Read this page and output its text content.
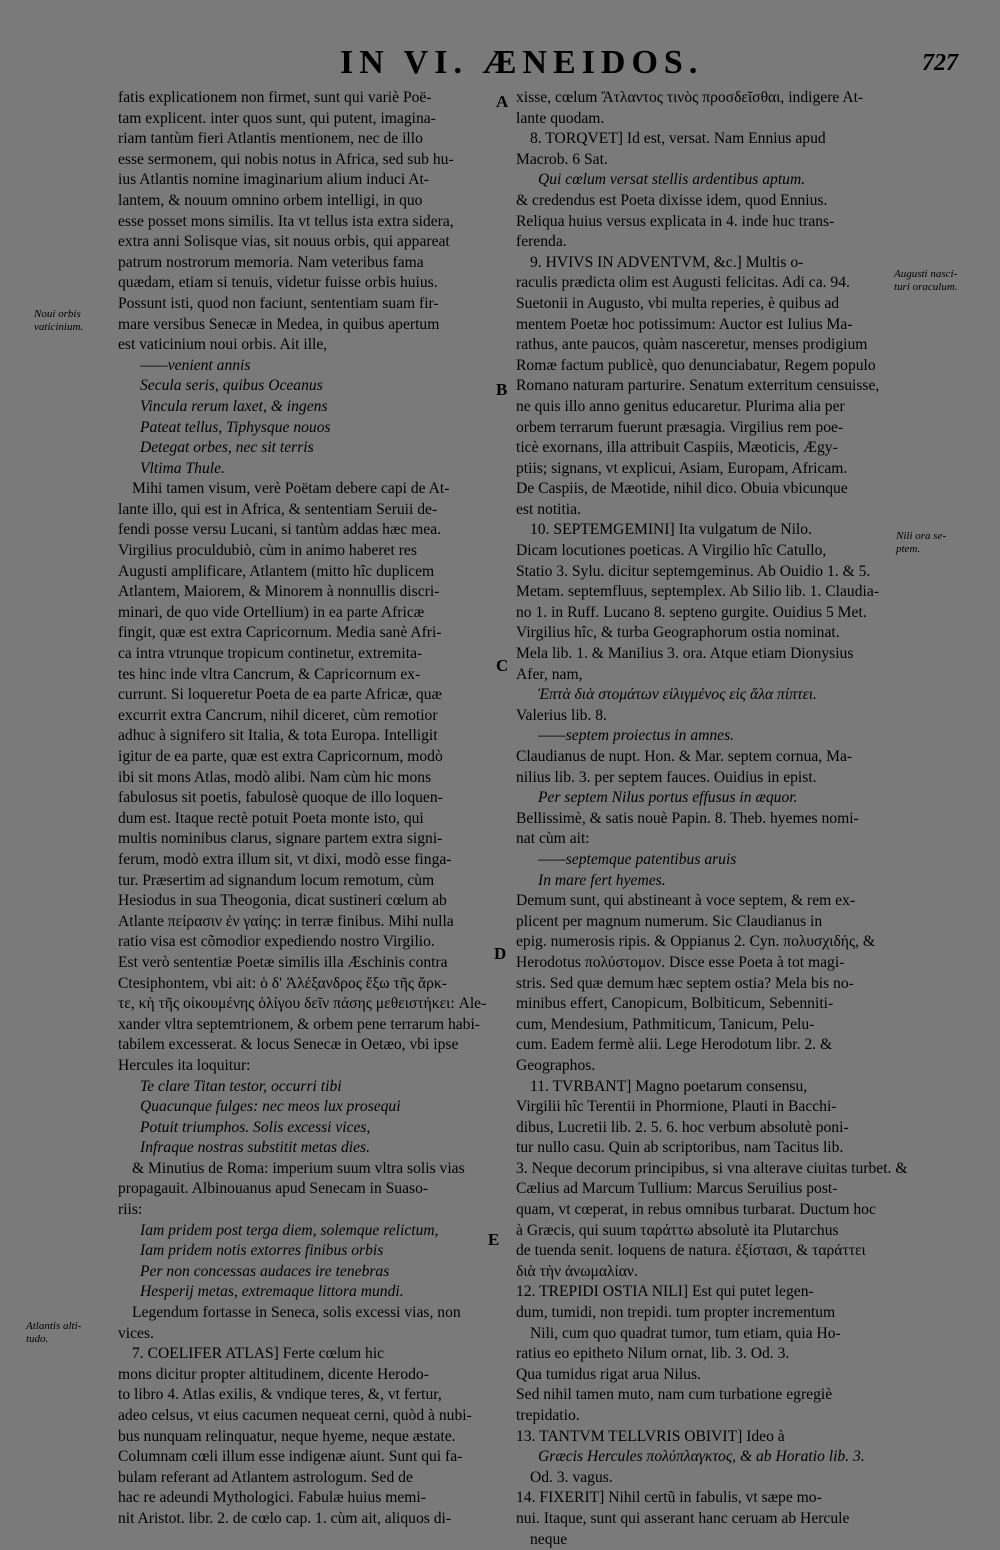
IN VI. ÆNEIDOS.	727
Noui orbis
vaticinium.
Atlantis alti-
tudo.
Augusti nasci-
turi oraculum.
Nili ora se-
ptem.
A
B
C
D
E
fatis explicationem non firmet, sunt qui variè Poë-
tam explicent. inter quos sunt, qui putent, imagina-
riam tantùm fieri Atlantis mentionem, nec de illo
esse sermonem, qui nobis notus in Africa, sed sub hu-
ius Atlantis nomine imaginarium alium induci At-
lantem, & nouum omnino orbem intelligi, in quo
esse posset mons similis. Ita vt tellus ista extra sidera,
extra anni Solisque vias, sit nouus orbis, qui appareat
patrum nostrorum memoria. Nam veteribus fama
quædam, etiam si tenuis, videtur fuisse orbis huius.
Possunt isti, quod non faciunt, sententiam suam fir-
mare versibus Senecæ in Medea, in quibus apertum
est vaticinium noui orbis. Ait ille,
——venient annis
Secula seris, quibus Oceanus
Vincula rerum laxet, & ingens
Pateat tellus, Tiphysque nouos
Detegat orbes, nec sit terris
Vltima Thule.
Mihi tamen visum, verè Poëtam debere capi de At-
lante illo, qui est in Africa, & sententiam Seruii de-
fendi posse versu Lucani, si tantùm addas hæc mea.
Virgilius proculdubiò, cùm in animo haberet res
Augusti amplificare, Atlantem (mitto hîc duplicem
Atlantem, Maiorem, & Minorem à nonnullis discri-
minari, de quo vide Ortellium) in ea parte Africæ
fingit, quæ est extra Capricornum. Media sanè Afri-
ca intra vtrunque tropicum continetur, extremita-
tes hinc inde vltra Cancrum, & Capricornum ex-
currunt. Si loqueretur Poeta de ea parte Africæ, quæ
excurrit extra Cancrum, nihil diceret, cùm remotior
adhuc à signifero sit Italia, & tota Europa. Intelligit
igitur de ea parte, quæ est extra Capricornum, modò
ibi sit mons Atlas, modò alibi. Nam cùm hic mons
fabulosus sit poetis, fabulosè quoque de illo loquen-
dum est. Itaque rectè potuit Poeta monte isto, qui
multis nominibus clarus, signare partem extra signi-
ferum, modò extra illum sit, vt dixi, modò esse finga-
tur. Præsertim ad signandum locum remotum, cùm
Hesiodus in sua Theogonia, dicat sustineri cœlum ab
Atlante πείρασιν ἐν γαίης: in terræ finibus. Mihi nulla
ratio visa est cõmodior expediendo nostro Virgilio.
Est verò sententiæ Poetæ similis illa Æschinis contra
Ctesiphontem, vbi ait: ὁ δ' Ἀλέξανδρος ἔξω τῆς ἄρκ-
τε, κὴ τῆς οἰκουμένης ὀλίγου δεῖν πάσης μεθειστήκει: Ale-
xander vltra septemtrionem, & orbem pene terrarum habi-
tabilem excesserat. & locus Senecæ in Oetæo, vbi ipse
Hercules ita loquitur:
Te clare Titan testor, occurri tibi
Quacunque fulges: nec meos lux prosequi
Potuit triumphos. Solis excessi vices,
Infraque nostras substitit metas dies.
& Minutius de Roma: imperium suum vltra solis vias
propagauit. Albinouanus apud Senecam in Suaso-
riis:
Iam pridem post terga diem, solemque relictum,
Iam pridem notis extorres finibus orbis
Per non concessas audaces ire tenebras
Hesperij metas, extremaque littora mundi.
Legendum fortasse in Seneca, solis excessi vias, non
vices.
7. COELIFER ATLAS] Ferte cœlum hic
mons dicitur propter altitudinem, dicente Herodo-
to libro 4. Atlas exilis, & vndique teres, &, vt fertur,
adeo celsus, vt eius cacumen nequeat cerni, quòd à nubi-
bus nunquam relinquatur, neque hyeme, neque æstate.
Columnam cœli illum esse indigenæ aiunt. Sunt qui fa-
bulam referant ad Atlantem astrologum. Sed de
hac re adeundi Mythologici. Fabulæ huius memi-
nit Aristot. libr. 2. de cœlo cap. 1. cùm ait, aliquos di-
xisse, cœlum Ἄτλαντος τινὸς προσδεῖσθαι, indigere At-
lante quodam.
8. TORQVET] Id est, versat. Nam Ennius apud
Macrob. 6 Sat.
Qui cœlum versat stellis ardentibus aptum.
& credendus est Poeta dixisse idem, quod Ennius.
Reliqua huius versus explicata in 4. inde huc trans-
ferenda.
9. HVIVS IN ADVENTVM, &c.] Multis o-
raculis prædicta olim est Augusti felicitas. Adi ca. 94.
Suetonii in Augusto, vbi multa reperies, è quibus ad
mentem Poetæ hoc potissimum: Auctor est Iulius Ma-
rathus, ante paucos, quàm nasceretur, menses prodigium
Romæ factum publicè, quo denunciabatur, Regem populo
Romano naturam parturire. Senatum exterritum censuisse,
ne quis illo anno genitus educaretur. Plurima alia per
orbem terrarum fuerunt præsagia. Virgilius rem poe-
ticè exornans, illa attribuit Caspiis, Mæoticis, Ægy-
ptiis; signans, vt explicui, Asiam, Europam, Africam.
De Caspiis, de Mæotide, nihil dico. Obuia vbicunque
est notitia.
10. SEPTEMGEMINI] Ita vulgatum de Nilo.
Dicam locutiones poeticas. A Virgilio hîc Catullo,
Statio 3. Sylu. dicitur septemgeminus. Ab Ouidio 1. & 5.
Metam. septemfluus, septemplex. Ab Silio lib. 1. Claudia-
no 1. in Ruff. Lucano 8. septeno gurgite. Ouidius 5 Met.
Virgilius hîc, & turba Geographorum ostia nominat.
Mela lib. 1. & Manilius 3. ora. Atque etiam Dionysius
Afer, nam,
Ἑπτὰ διὰ στομάτων εἱλιγμένος εἰς ἅλα πίπτει.
Valerius lib. 8.
——septem proiectus in amnes.
Claudianus de nupt. Hon. & Mar. septem cornua, Ma-
nilius lib. 3. per septem fauces. Ouidius in epist.
Per septem Nilus portus effusus in æquor.
Bellissimè, & satis nouè Papin. 8. Theb. hyemes nomi-
nat cùm ait:
——septemque patentibus aruis
In mare fert hyemes.
Demum sunt, qui abstineant à voce septem, & rem ex-
plicent per magnum numerum. Sic Claudianus in
epig. numerosis ripis. & Oppianus 2. Cyn. πολυσχιδής, &
Herodotus πολύστομον. Disce esse Poeta à tot magi-
stris. Sed quæ demum hæc septem ostia? Mela bis no-
minibus effert, Canopicum, Bolbiticum, Sebenniti-
cum, Mendesium, Pathmiticum, Tanicum, Pelu-
cum. Eadem fermè alii. Lege Herodotum libr. 2. &
Geographos.
11. TVRBANT] Magno poetarum consensu,
Virgilii hîc Terentii in Phormione, Plauti in Bacchi-
dibus, Lucretii lib. 2. 5. 6. hoc verbum absolutè poni-
tur nullo casu. Quin ab scriptoribus, nam Tacitus lib.
3. Neque decorum principibus, si vna alterave ciuitas turbet. &
Cælius ad Marcum Tullium: Marcus Seruilius post-
quam, vt cœperat, in rebus omnibus turbarat. Ductum hoc
à Græcis, qui suum ταράττω absolutè ita Plutarchus
de tuenda senit. loquens de natura. ἐξίστασι, & ταράττει
διὰ τὴν ἀνωμαλίαν.
12. TREPIDI OSTIA NILI] Est qui putet legen-
dum, tumidi, non trepidi. tum propter incrementum
Nili, cum quo quadrat tumor, tum etiam, quia Ho-
ratius eo epitheto Nilum ornat, lib. 3. Od. 3.
Qua tumidus rigat arua Nilus.
Sed nihil tamen muto, nam cum turbatione egregiè
trepidatio.
13. TANTVM TELLVRIS OBIVIT] Ideo à
Græcis Hercules πολύπλαγκτος, & ab Horatio lib. 3.
Od. 3. vagus.
14. FIXERIT] Nihil certũ in fabulis, vt sæpe mo-
nui. Itaque, sunt qui asserant hanc ceruam ab Hercule
neque
